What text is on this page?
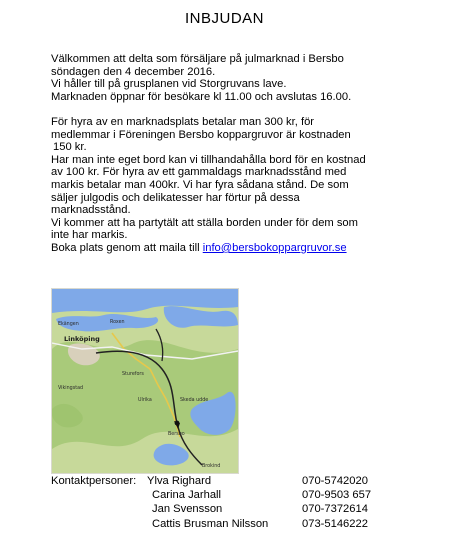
INBJUDAN
Välkommen att delta som försäljare på julmarknad i Bersbo
söndagen den 4 december 2016.
Vi håller till på grusplanen vid Storgruvans lave.
Marknaden öppnar för besökare kl 11.00 och avslutas 16.00.
För hyra av en marknadsplats betalar man 300 kr, för
medlemmar i Föreningen Bersbo koppargruvor är kostnaden
150 kr.
Har man inte eget bord kan vi tillhandahålla bord för en kostnad
av 100 kr. För hyra av ett gammaldags marknadsstånd med
markis betalar man 400kr. Vi har fyra sådana stånd. De som
säljer julgodis och delikatesser har förtur på dessa
marknadsstånd.
Vi kommer att ha partytält att ställa borden under för dem som
inte har markis.
Boka plats genom att maila till info@bersbokoppargruvor.se
Ekängen	Roxen
Linköping
Sturefors
Bersbo
Vikingstad
Ulrika	Skeda udde
Brokind
Kontaktpersoner: Ylva Righard	070-5742020
Carina Jarhall	070-9503 657
Jan Svensson	070-7372614
Cattis Brusman Nilsson	073-5146222
